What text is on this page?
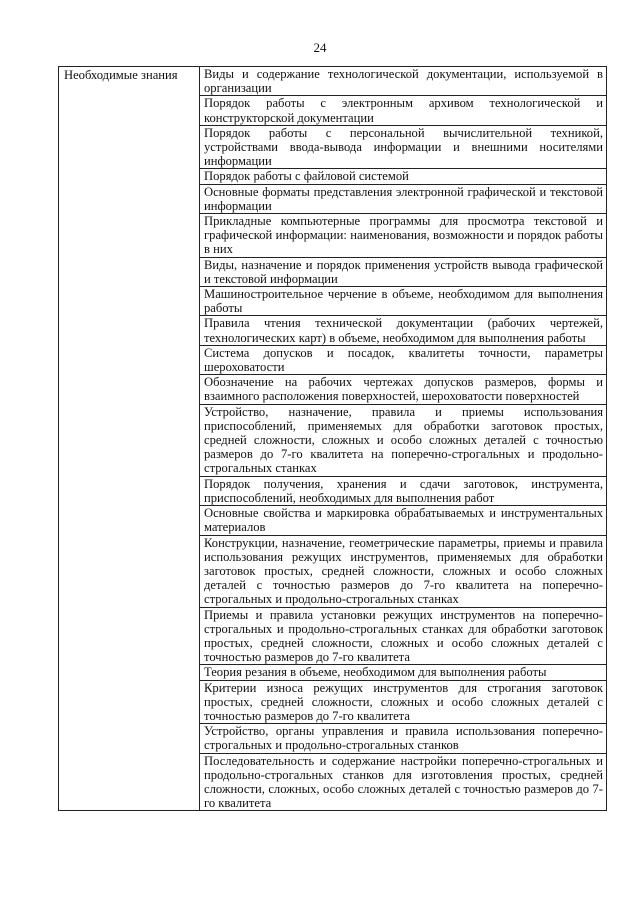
24
Необходимые знания	Виды и содержание технологической документации, используемой в организации
Порядок работы с электронным архивом технологической и конструкторской документации
Порядок работы с персональной вычислительной техникой, устройствами ввода-вывода информации и внешними носителями информации
Порядок работы с файловой системой
Основные форматы представления электронной графической и текстовой информации
Прикладные компьютерные программы для просмотра текстовой и графической информации: наименования, возможности и порядок работы в них
Виды, назначение и порядок применения устройств вывода графической и текстовой информации
Машиностроительное черчение в объеме, необходимом для выполнения работы
Правила чтения технической документации (рабочих чертежей, технологических карт) в объеме, необходимом для выполнения работы
Система допусков и посадок, квалитеты точности, параметры шероховатости
Обозначение на рабочих чертежах допусков размеров, формы и взаимного расположения поверхностей, шероховатости поверхностей
Устройство, назначение, правила и приемы использования приспособлений, применяемых для обработки заготовок простых, средней сложности, сложных и особо сложных деталей с точностью размеров до 7-го квалитета на поперечно-строгальных и продольно-строгальных станках
Порядок получения, хранения и сдачи заготовок, инструмента, приспособлений, необходимых для выполнения работ
Основные свойства и маркировка обрабатываемых и инструментальных материалов
Конструкции, назначение, геометрические параметры, приемы и правила использования режущих инструментов, применяемых для обработки заготовок простых, средней сложности, сложных и особо сложных деталей с точностью размеров до 7-го квалитета на поперечно-строгальных и продольно-строгальных станках
Приемы и правила установки режущих инструментов на поперечно-строгальных и продольно-строгальных станках для обработки заготовок простых, средней сложности, сложных и особо сложных деталей с точностью размеров до 7-го квалитета
Теория резания в объеме, необходимом для выполнения работы
Критерии износа режущих инструментов для строгания заготовок простых, средней сложности, сложных и особо сложных деталей с точностью размеров до 7-го квалитета
Устройство, органы управления и правила использования поперечно-строгальных и продольно-строгальных станков
Последовательность и содержание настройки поперечно-строгальных и продольно-строгальных станков для изготовления простых, средней сложности, сложных, особо сложных деталей с точностью размеров до 7-го квалитета
